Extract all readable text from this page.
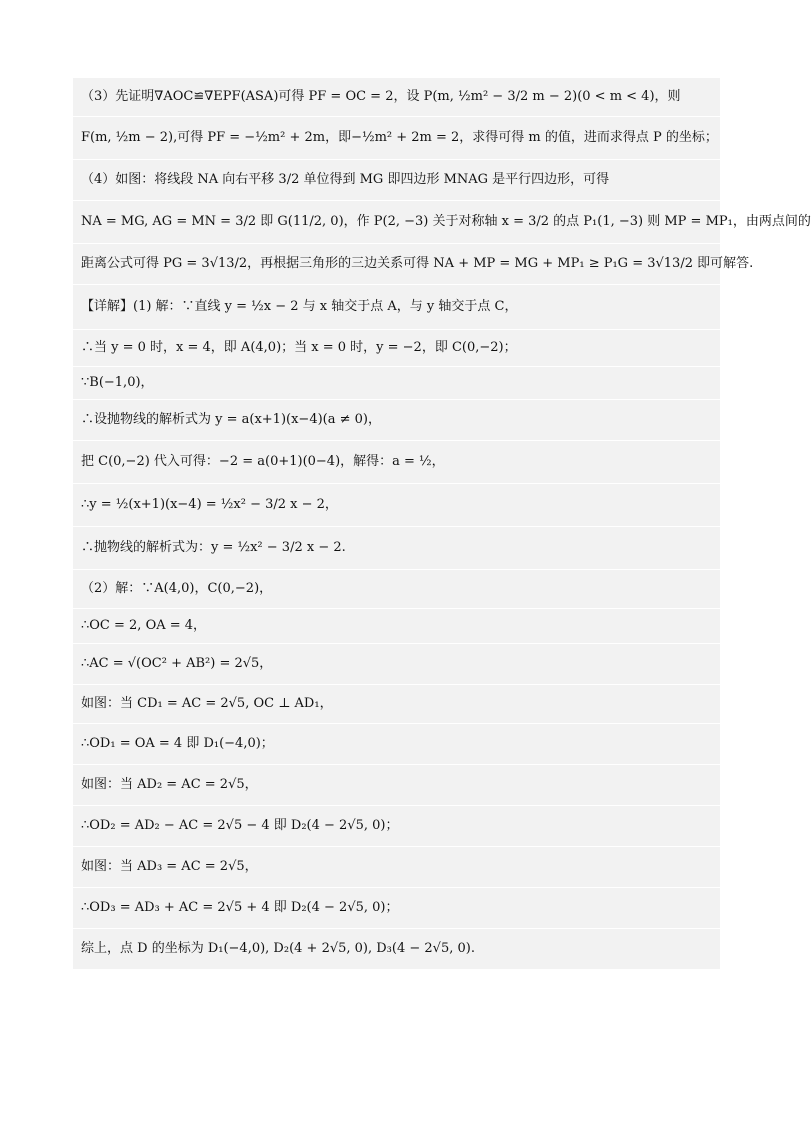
（3）先证明∇AOC≌∇EPF(ASA)可得 PF = OC = 2，设 P(m, ½m² − 3/2 m − 2)(0 < m < 4)，则
F(m, ½m − 2),可得 PF = −½m² + 2m，即−½m² + 2m = 2，求得可得 m 的值，进而求得点 P 的坐标；
（4）如图：将线段 NA 向右平移 3/2 单位得到 MG 即四边形 MNAG 是平行四边形，可得
NA = MG, AG = MN = 3/2 即 G(11/2, 0)，作 P(2, −3) 关于对称轴 x = 3/2 的点 P₁(1, −3) 则 MP = MP₁，由两点间的
距离公式可得 PG = 3√13/2，再根据三角形的三边关系可得 NA + MP = MG + MP₁ ≥ P₁G = 3√13/2 即可解答.
【详解】(1) 解：∵直线 y = ½x − 2 与 x 轴交于点 A，与 y 轴交于点 C，
∴当 y = 0 时，x = 4，即 A(4,0)；当 x = 0 时，y = −2，即 C(0,−2)；
∵B(−1,0)，
∴设抛物线的解析式为 y = a(x+1)(x−4)(a ≠ 0)，
把 C(0,−2) 代入可得：−2 = a(0+1)(0−4)，解得：a = ½，
∴y = ½(x+1)(x−4) = ½x² − 3/2 x − 2，
∴抛物线的解析式为：y = ½x² − 3/2 x − 2.
（2）解：∵A(4,0)，C(0,−2)，
∴OC = 2, OA = 4，
∴AC = √(OC² + AB²) = 2√5，
如图：当 CD₁ = AC = 2√5, OC ⊥ AD₁，
∴OD₁ = OA = 4 即 D₁(−4,0)；
如图：当 AD₂ = AC = 2√5，
∴OD₂ = AD₂ − AC = 2√5 − 4 即 D₂(4 − 2√5, 0)；
如图：当 AD₃ = AC = 2√5，
∴OD₃ = AD₃ + AC = 2√5 + 4 即 D₂(4 − 2√5, 0)；
综上，点 D 的坐标为 D₁(−4,0), D₂(4 + 2√5, 0), D₃(4 − 2√5, 0).
